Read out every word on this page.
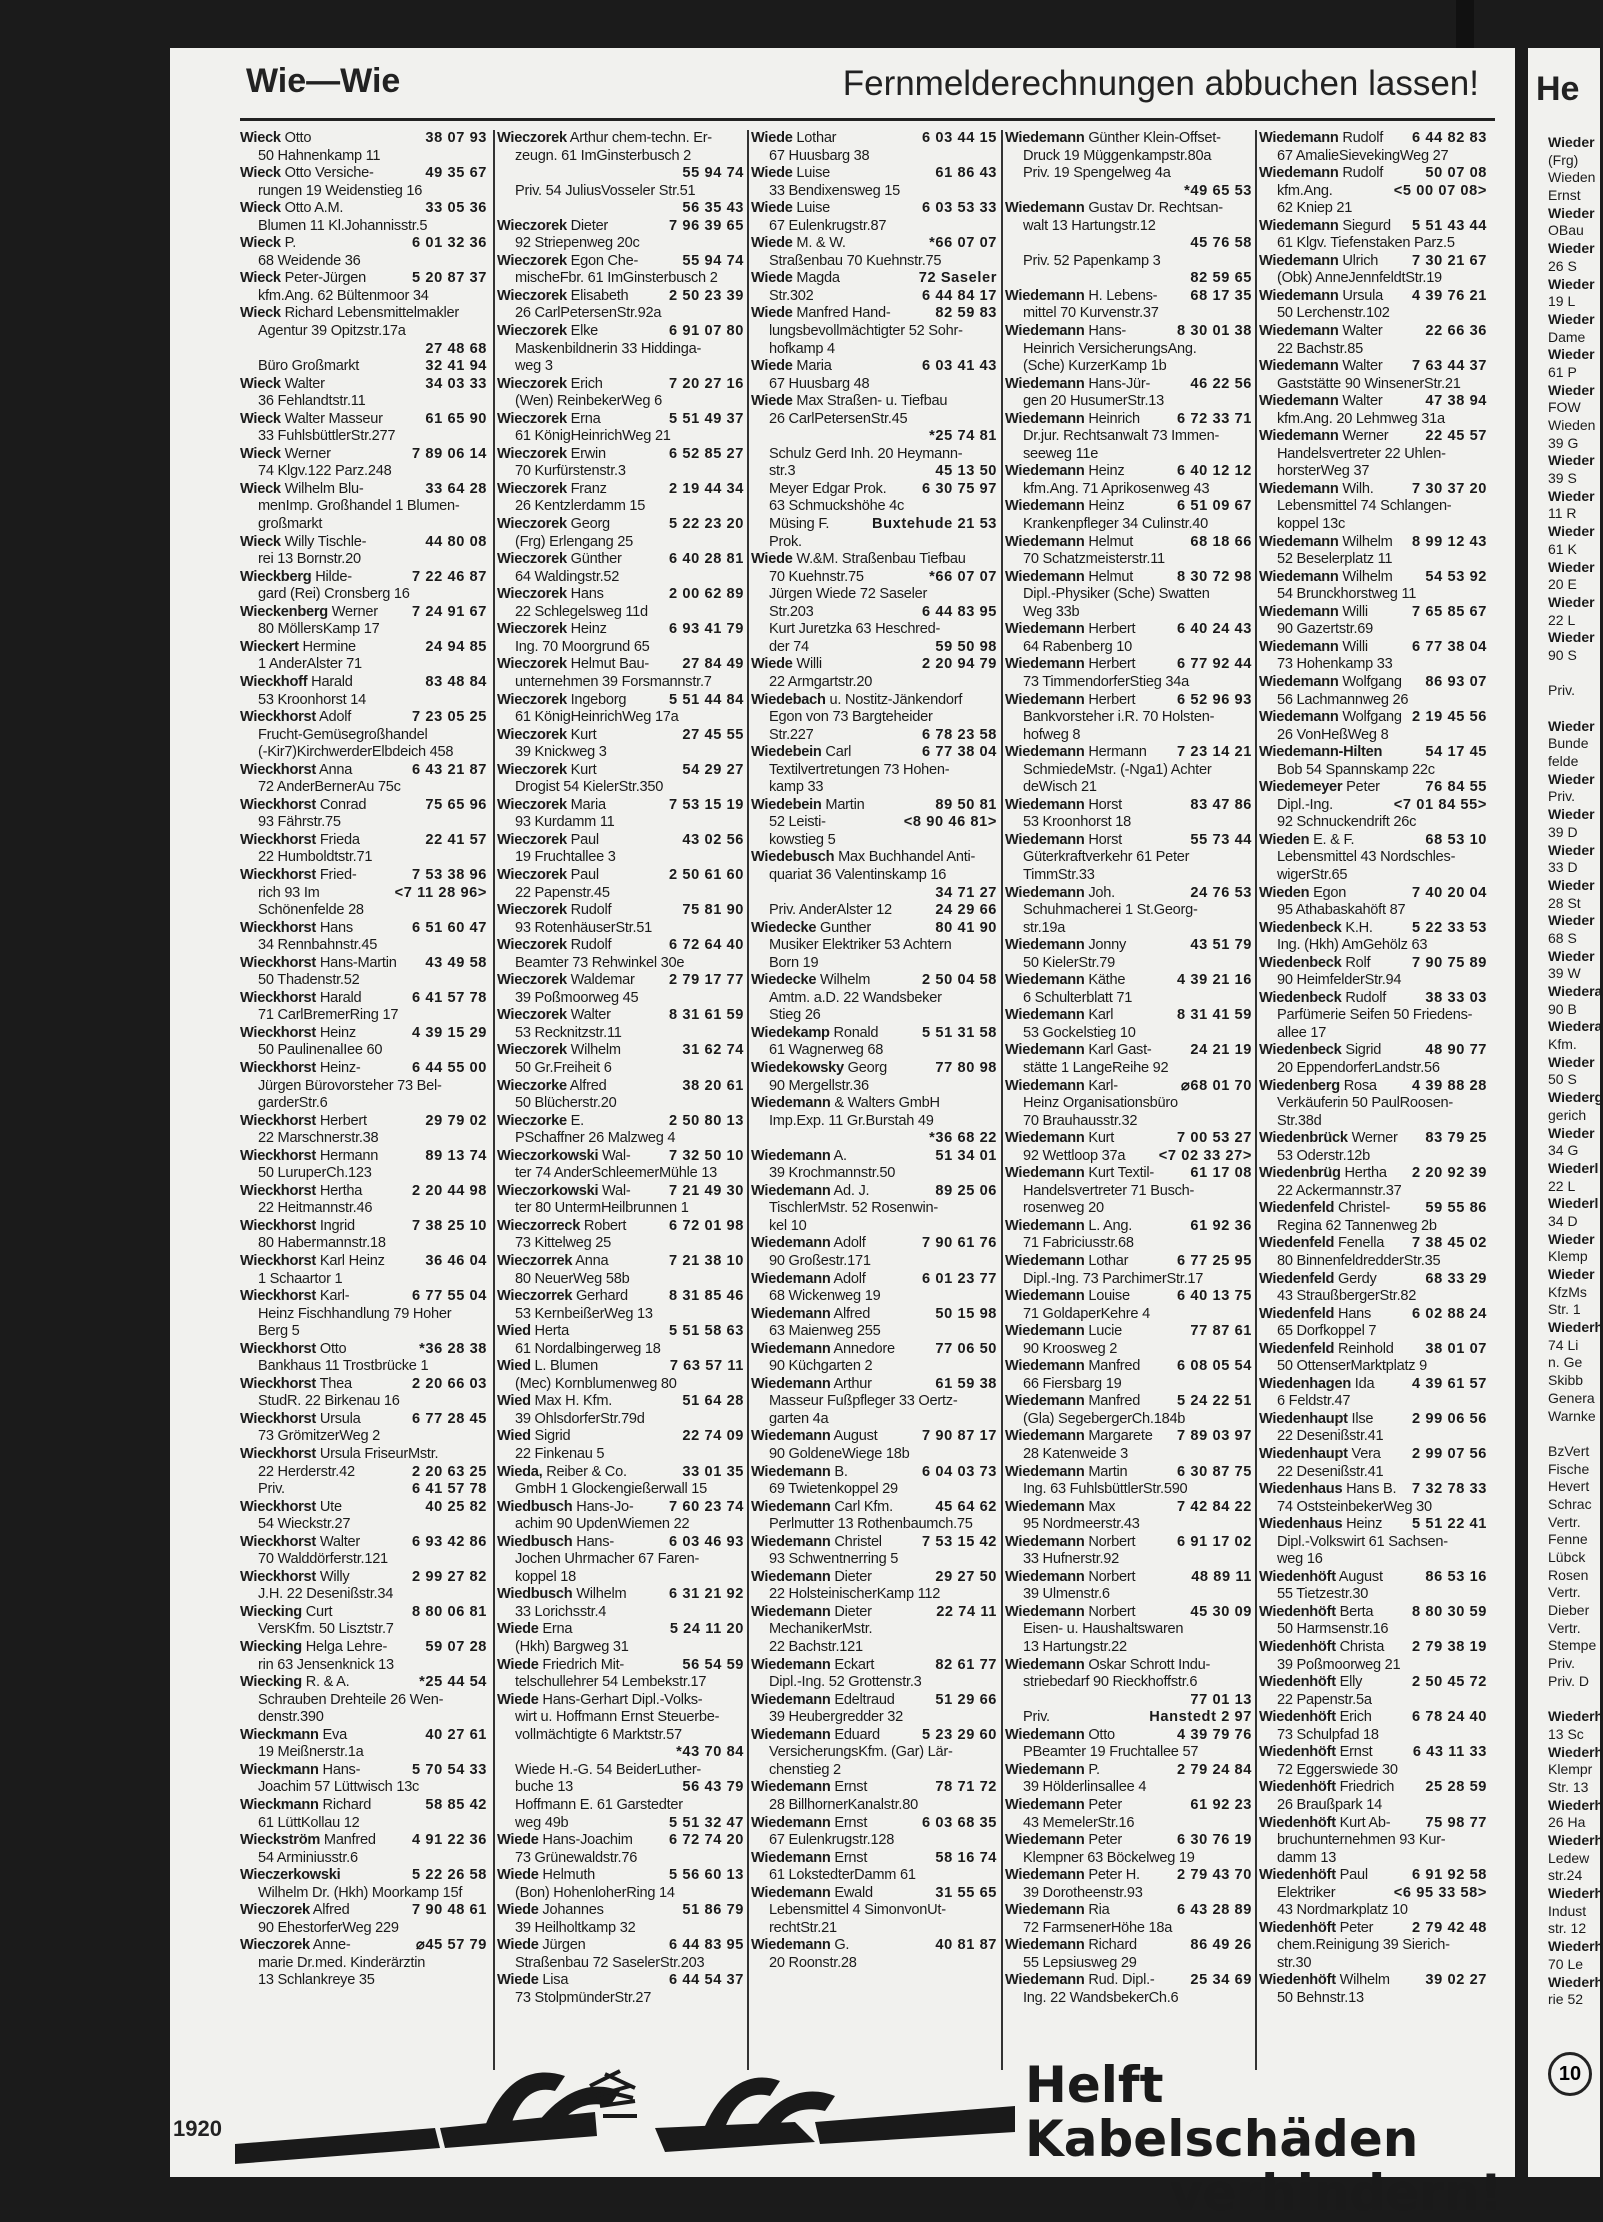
Wie—Wie	Fernmelderechnungen abbuchen lassen!
Wieck Otto	38 07 93
50 Hahnenkamp 11
Wieck Otto Versiche-	49 35 67
rungen 19 Weidenstieg 16
Wieck Otto A.M.	33 05 36
Blumen 11 Kl.Johannisstr.5
Wieck P.	6 01 32 36
68 Weidende 36
Wieck Peter-Jürgen	5 20 87 37
kfm.Ang. 62 Bültenmoor 34
Wieck Richard Lebensmittelmakler
Agentur 39 Opitzstr.17a
27 48 68
Büro Großmarkt	32 41 94
Wieck Walter	34 03 33
36 Fehlandtstr.11
Wieck Walter Masseur	61 65 90
33 FuhlsbüttlerStr.277
Wieck Werner	7 89 06 14
74 Klgv.122 Parz.248
Wieck Wilhelm Blu-	33 64 28
menImp. Großhandel 1 Blumen-
großmarkt
Wieck Willy Tischle-	44 80 08
rei 13 Bornstr.20
Wieckberg Hilde-	7 22 46 87
gard (Rei) Cronsberg 16
Wieckenberg Werner 7 24 91 67
80 MöllersKamp 17
Wieckert Hermine	24 94 85
1 AnderAlster 71
Wieckhoff Harald	83 48 84
53 Kroonhorst 14
Wieckhorst Adolf	7 23 05 25
Frucht-Gemüsegroßhandel
(-Kir7)KirchwerderElbdeich 458
Wieckhorst Anna	6 43 21 87
72 AnderBernerAu 75c
Wieckhorst Conrad	75 65 96
93 Fährstr.75
Wieckhorst Frieda	22 41 57
22 Humboldtstr.71
Wieckhorst Fried-	7 53 38 96
rich 93 Im	<7 11 28 96>
Schönenfelde 28
Wieckhorst Hans	6 51 60 47
34 Rennbahnstr.45
Wieckhorst Hans-Martin 43 49 58
50 Thadenstr.52
Wieckhorst Harald	6 41 57 78
71 CarlBremerRing 17
Wieckhorst Heinz	4 39 15 29
50 PaulinenalIee 60
Wieckhorst Heinz-	6 44 55 00
Jürgen Bürovorsteher 73 Bel-
garderStr.6
Wieckhorst Herbert	29 79 02
22 Marschnerstr.38
Wieckhorst Hermann	89 13 74
50 LuruperCh.123
Wieckhorst Hertha	2 20 44 98
22 Heitmannstr.46
Wieckhorst Ingrid	7 38 25 10
80 Habermannstr.18
Wieckhorst Karl Heinz	36 46 04
1 Schaartor 1
Wieckhorst Karl-	6 77 55 04
Heinz Fischhandlung 79 Hoher
Berg 5
Wieckhorst Otto	*36 28 38
Bankhaus 11 Trostbrücke 1
Wieckhorst Thea	2 20 66 03
StudR. 22 Birkenau 16
Wieckhorst Ursula	6 77 28 45
73 GrömitzerWeg 2
Wieckhorst Ursula FriseurMstr.
22 Herderstr.42	2 20 63 25
Priv.	6 41 57 78
Wieckhorst Ute	40 25 82
54 Wieckstr.27
Wieckhorst Walter	6 93 42 86
70 Walddörferstr.121
Wieckhorst Willy	2 99 27 82
J.H. 22 Desenißstr.34
Wiecking Curt	8 80 06 81
VersKfm. 50 Lisztstr.7
Wiecking Helga Lehre-	59 07 28
rin 63 Jensenknick 13
Wiecking R. & A.	*25 44 54
Schrauben Drehteile 26 Wen-
denstr.390
Wieckmann Eva	40 27 61
19 Meißnerstr.1a
Wieckmann Hans-	5 70 54 33
Joachim 57 Lüttwisch 13c
Wieckmann Richard	58 85 42
61 LüttKollau 12
Wieckström Manfred 4 91 22 36
54 Arminiusstr.6
Wieczerkowski	5 22 26 58
Wilhelm Dr. (Hkh) Moorkamp 15f
Wieczorek Alfred	7 90 48 61
90 EhestorferWeg 229
Wieczorek Anne-	⌀45 57 79
marie Dr.med. Kinderärztin
13 Schlankreye 35
Wieczorek Arthur chem-techn. Er-
zeugn. 61 ImGinsterbusch 2
55 94 74
Priv. 54 JuliusVosseler Str.51
56 35 43
Wieczorek Dieter	7 96 39 65
92 Striepenweg 20c
Wieczorek Egon Che-	55 94 74
mischeFbr. 61 ImGinsterbusch 2
Wieczorek Elisabeth	2 50 23 39
26 CarlPetersenStr.92a
Wieczorek Elke	6 91 07 80
Maskenbildnerin 33 Hiddinga-
weg 3
Wieczorek Erich	7 20 27 16
(Wen) ReinbekerWeg 6
Wieczorek Erna	5 51 49 37
61 KönigHeinrichWeg 21
Wieczorek Erwin	6 52 85 27
70 Kurfürstenstr.3
Wieczorek Franz	2 19 44 34
26 Kentzlerdamm 15
Wieczorek Georg	5 22 23 20
(Frg) Erlengang 25
Wieczorek Günther	6 40 28 81
64 Waldingstr.52
Wieczorek Hans	2 00 62 89
22 Schlegelsweg 11d
Wieczorek Heinz	6 93 41 79
Ing. 70 Moorgrund 65
Wieczorek Helmut Bau- 27 84 49
unternehmen 39 Forsmannstr.7
Wieczorek Ingeborg	5 51 44 84
61 KönigHeinrichWeg 17a
Wieczorek Kurt	27 45 55
39 Knickweg 3
Wieczorek Kurt	54 29 27
Drogist 54 KielerStr.350
Wieczorek Maria	7 53 15 19
93 Kurdamm 11
Wieczorek Paul	43 02 56
19 Fruchtallee 3
Wieczorek Paul	2 50 61 60
22 Papenstr.45
Wieczorek Rudolf	75 81 90
93 RotenhäuserStr.51
Wieczorek Rudolf	6 72 64 40
Beamter 73 Rehwinkel 30e
Wieczorek Waldemar 2 79 17 77
39 Poßmoorweg 45
Wieczorek Walter	8 31 61 59
53 Recknitzstr.11
Wieczorek Wilhelm	31 62 74
50 Gr.Freiheit 6
Wieczorke Alfred	38 20 61
50 Blücherstr.20
Wieczorke E.	2 50 80 13
PSchaffner 26 Malzweg 4
Wieczorkowski Wal-	7 32 50 10
ter 74 AnderSchleemerMühle 13
Wieczorkowski Wal-	7 21 49 30
ter 80 UntermHeilbrunnen 1
Wieczorreck Robert	6 72 01 98
73 Kittelweg 25
Wieczorrek Anna	7 21 38 10
80 NeuerWeg 58b
Wieczorrek Gerhard	8 31 85 46
53 KernbeißerWeg 13
Wied Herta	5 51 58 63
61 Nordalbingerweg 18
Wied L. Blumen	7 63 57 11
(Mec) Kornblumenweg 80
Wied Max H. Kfm.	51 64 28
39 OhlsdorferStr.79d
Wied Sigrid	22 74 09
22 Finkenau 5
Wieda, Reiber & Co.	33 01 35
GmbH 1 Glockengießerwall 15
Wiedbusch Hans-Jo- 7 60 23 74
achim 90 UpdenWiemen 22
Wiedbusch Hans-	6 03 46 93
Jochen Uhrmacher 67 Faren-
koppel 18
Wiedbusch Wilhelm	6 31 21 92
33 Lorichsstr.4
Wiede Erna	5 24 11 20
(Hkh) Bargweg 31
Wiede Friedrich Mit-	56 54 59
telschullehrer 54 Lembekstr.17
Wiede Hans-Gerhart Dipl.-Volks-
wirt u. Hoffmann Ernst Steuerbe-
vollmächtigte 6 Marktstr.57
*43 70 84
Wiede H.-G. 54 BeiderLuther-
buche 13	56 43 79
Hoffmann E. 61 Garstedter
weg 49b	5 51 32 47
Wiede Hans-Joachim 6 72 74 20
73 Grünewaldstr.76
Wiede Helmuth	5 56 60 13
(Bon) HohenloherRing 14
Wiede Johannes	51 86 79
39 Heilholtkamp 32
Wiede Jürgen	6 44 83 95
Straßenbau 72 SaselerStr.203
Wiede Lisa	6 44 54 37
73 StolpmünderStr.27
Wiede Lothar	6 03 44 15
67 Huusbarg 38
Wiede Luise	61 86 43
33 Bendixensweg 15
Wiede Luise	6 03 53 33
67 Eulenkrugstr.87
Wiede M. & W.	*66 07 07
Straßenbau 70 Kuehnstr.75
Wiede Magda	72 Saseler
Str.302	6 44 84 17
Wiede Manfred Hand-	82 59 83
lungsbevollmächtigter 52 Sohr-
hofkamp 4
Wiede Maria	6 03 41 43
67 Huusbarg 48
Wiede Max Straßen- u. Tiefbau
26 CarlPetersenStr.45
*25 74 81
Schulz Gerd Inh. 20 Heymann-
str.3	45 13 50
Meyer Edgar Prok. 6 30 75 97
63 Schmuckshöhe 4c
Müsing F.	Buxtehude 21 53
Prok.
Wiede W.&M. Straßenbau Tiefbau
70 Kuehnstr.75	*66 07 07
Jürgen Wiede 72 Saseler
Str.203	6 44 83 95
Kurt Juretzka 63 Heschred-
der 74	59 50 98
Wiede Willi	2 20 94 79
22 Armgartstr.20
Wiedebach u. Nostitz-Jänkendorf
Egon von 73 Bargteheider
Str.227	6 78 23 58
Wiedebein Carl	6 77 38 04
Textilvertretungen 73 Hohen-
kamp 33
Wiedebein Martin	89 50 81
52 Leisti-	<8 90 46 81>
kowstieg 5
Wiedebusch Max Buchhandel Anti-
quariat 36 Valentinskamp 16
34 71 27
Priv. AnderAlster 12	24 29 66
Wiedecke Gunther	80 41 90
Musiker Elektriker 53 Achtern
Born 19
Wiedecke Wilhelm	2 50 04 58
Amtm. a.D. 22 Wandsbeker
Stieg 26
Wiedekamp Ronald	5 51 31 58
61 Wagnerweg 68
Wiedekowsky Georg	77 80 98
90 Mergellstr.36
Wiedemann & Walters GmbH
Imp.Exp. 11 Gr.Burstah 49
*36 68 22
Wiedemann A.	51 34 01
39 Krochmannstr.50
Wiedemann Ad. J.	89 25 06
TischlerMstr. 52 Rosenwin-
kel 10
Wiedemann Adolf	7 90 61 76
90 Großestr.171
Wiedemann Adolf	6 01 23 77
68 Wickenweg 19
Wiedemann Alfred	50 15 98
63 Maienweg 255
Wiedemann Annedore	77 06 50
90 Küchgarten 2
Wiedemann Arthur	61 59 38
Masseur Fußpfleger 33 Oertz-
garten 4a
Wiedemann August	7 90 87 17
90 GoldeneWiege 18b
Wiedemann B.	6 04 03 73
69 Twietenkoppel 29
Wiedemann Carl Kfm.	45 64 62
Perlmutter 13 Rothenbaumch.75
Wiedemann Christel	7 53 15 42
93 Schwentnerring 5
Wiedemann Dieter	29 27 50
22 HolsteinischerKamp 112
Wiedemann Dieter	22 74 11
MechanikerMstr.
22 Bachstr.121
Wiedemann Eckart	82 61 77
Dipl.-Ing. 52 Grottenstr.3
Wiedemann Edeltraud	51 29 66
39 Heubergredder 32
Wiedemann Eduard	5 23 29 60
VersicherungsKfm. (Gar) Lär-
chenstieg 2
Wiedemann Ernst	78 71 72
28 BillhornerKanalstr.80
Wiedemann Ernst	6 03 68 35
67 Eulenkrugstr.128
Wiedemann Ernst	58 16 74
61 LokstedterDamm 61
Wiedemann Ewald	31 55 65
Lebensmittel 4 SimonvonUt-
rechtStr.21
Wiedemann G.	40 81 87
20 Roonstr.28
Wiedemann Günther Klein-Offset-
Druck 19 Müggenkampstr.80a
Priv. 19 Spengelweg 4a
*49 65 53
Wiedemann Gustav Dr. Rechtsan-
walt 13 Hartungstr.12
45 76 58
Priv. 52 Papenkamp 3
82 59 65
Wiedemann H. Lebens- 68 17 35
mittel 70 Kurvenstr.37
Wiedemann Hans-	8 30 01 38
Heinrich VersicherungsAng.
(Sche) KurzerKamp 1b
Wiedemann Hans-Jür-	46 22 56
gen 20 HusumerStr.13
Wiedemann Heinrich	6 72 33 71
Dr.jur. Rechtsanwalt 73 Immen-
seeweg 11e
Wiedemann Heinz	6 40 12 12
kfm.Ang. 71 Aprikosenweg 43
Wiedemann Heinz	6 51 09 67
Krankenpfleger 34 Culinstr.40
Wiedemann Helmut	68 18 66
70 Schatzmeisterstr.11
Wiedemann Helmut	8 30 72 98
Dipl.-Physiker (Sche) Swatten
Weg 33b
Wiedemann Herbert	6 40 24 43
64 Rabenberg 10
Wiedemann Herbert	6 77 92 44
73 TimmendorferStieg 34a
Wiedemann Herbert	6 52 96 93
Bankvorsteher i.R. 70 Holsten-
hofweg 8
Wiedemann Hermann 7 23 14 21
SchmiedeMstr. (-Nga1) Achter
deWisch 21
Wiedemann Horst	83 47 86
53 Kroonhorst 18
Wiedemann Horst	55 73 44
Güterkraftverkehr 61 Peter
TimmStr.33
Wiedemann Joh.	24 76 53
Schuhmacherei 1 St.Georg-
str.19a
Wiedemann Jonny	43 51 79
50 KielerStr.79
Wiedemann Käthe	4 39 21 16
6 Schulterblatt 71
Wiedemann Karl	8 31 41 59
53 Gockelstieg 10
Wiedemann Karl Gast-	24 21 19
stätte 1 LangeReihe 92
Wiedemann Karl-	⌀68 01 70
Heinz Organisationsbüro
70 Brauhausstr.32
Wiedemann Kurt	7 00 53 27
92 Wettloop 37a <7 02 33 27>
Wiedemann Kurt Textil- 61 17 08
Handelsvertreter 71 Busch-
rosenweg 20
Wiedemann L. Ang.	61 92 36
71 Fabriciusstr.68
Wiedemann Lothar	6 77 25 95
Dipl.-Ing. 73 ParchimerStr.17
Wiedemann Louise	6 40 13 75
71 GoldaperKehre 4
Wiedemann Lucie	77 87 61
90 Kroosweg 2
Wiedemann Manfred	6 08 05 54
66 Fiersbarg 19
Wiedemann Manfred	5 24 22 51
(Gla) SegebergerCh.184b
Wiedemann Margarete 7 89 03 97
28 Katenweide 3
Wiedemann Martin	6 30 87 75
Ing. 63 FuhlsbüttlerStr.590
Wiedemann Max	7 42 84 22
95 Nordmeerstr.43
Wiedemann Norbert	6 91 17 02
33 Hufnerstr.92
Wiedemann Norbert	48 89 11
39 Ulmenstr.6
Wiedemann Norbert	45 30 09
Eisen- u. Haushaltswaren
13 Hartungstr.22
Wiedemann Oskar Schrott Indu-
striebedarf 90 Rieckhoffstr.6
77 01 13
Priv.	Hanstedt 2 97
Wiedemann Otto	4 39 79 76
PBeamter 19 Fruchtallee 57
Wiedemann P.	2 79 24 84
39 Hölderlinsallee 4
Wiedemann Peter	61 92 23
43 MemelerStr.16
Wiedemann Peter	6 30 76 19
Klempner 63 Böckelweg 19
Wiedemann Peter H.	2 79 43 70
39 Dorotheenstr.93
Wiedemann Ria	6 43 28 89
72 FarmsenerHöhe 18a
Wiedemann Richard	86 49 26
55 Lepsiusweg 29
Wiedemann Rud. Dipl.- 25 34 69
Ing. 22 WandsbekerCh.6
Wiedemann Rudolf 6 44 82 83
67 AmalieSievekingWeg 27
Wiedemann Rudolf	50 07 08
kfm.Ang.	<5 00 07 08>
62 Kniep 21
Wiedemann Siegurd 5 51 43 44
61 Klgv. Tiefenstaken Parz.5
Wiedemann Ulrich 7 30 21 67
(Obk) AnneJennfeldtStr.19
Wiedemann Ursula 4 39 76 21
50 Lerchenstr.102
Wiedemann Walter	22 66 36
22 Bachstr.85
Wiedemann Walter 7 63 44 37
Gaststätte 90 WinsenerStr.21
Wiedemann Walter	47 38 94
kfm.Ang. 20 Lehmweg 31a
Wiedemann Werner	22 45 57
Handelsvertreter 22 Uhlen-
horsterWeg 37
Wiedemann Wilh.	7 30 37 20
Lebensmittel 74 Schlangen-
koppel 13c
Wiedemann Wilhelm 8 99 12 43
52 Beselerplatz 11
Wiedemann Wilhelm 54 53 92
54 Brunckhorstweg 11
Wiedemann Willi	7 65 85 67
90 Gazertstr.69
Wiedemann Willi	6 77 38 04
73 Hohenkamp 33
Wiedemann Wolfgang 86 93 07
56 Lachmannweg 26
Wiedemann Wolfgang 2 19 45 56
26 VonHeßWeg 8
Wiedemann-Hilten	54 17 45
Bob 54 Spannskamp 22c
Wiedemeyer Peter	76 84 55
Dipl.-Ing.	<7 01 84 55>
92 Schnuckendrift 26c
Wieden E. & F.	68 53 10
Lebensmittel 43 Nordschles-
wigerStr.65
Wieden Egon	7 40 20 04
95 Athabaskahöft 87
Wiedenbeck K.H.	5 22 33 53
Ing. (Hkh) AmGehölz 63
Wiedenbeck Rolf	7 90 75 89
90 HeimfelderStr.94
Wiedenbeck Rudolf	38 33 03
Parfümerie Seifen 50 Friedens-
allee 17
Wiedenbeck Sigrid	48 90 77
20 EppendorferLandstr.56
Wiedenberg Rosa 4 39 88 28
Verkäuferin 50 PaulRoosen-
Str.38d
Wiedenbrück Werner 83 79 25
53 Oderstr.12b
Wiedenbrüg Hertha 2 20 92 39
22 Ackermannstr.37
Wiedenfeld Christel- 59 55 86
Regina 62 Tannenweg 2b
Wiedenfeld Fenella 7 38 45 02
80 BinnenfeldredderStr.35
Wiedenfeld Gerdy	68 33 29
43 StraußbergerStr.82
Wiedenfeld Hans	6 02 88 24
65 Dorfkoppel 7
Wiedenfeld Reinhold 38 01 07
50 OttenserMarktplatz 9
Wiedenhagen Ida	4 39 61 57
6 Feldstr.47
Wiedenhaupt Ilse	2 99 06 56
22 Desenißstr.41
Wiedenhaupt Vera 2 99 07 56
22 Desenißstr.41
Wiedenhaus Hans B. 7 32 78 33
74 OststeinbekerWeg 30
Wiedenhaus Heinz 5 51 22 41
Dipl.-Volkswirt 61 Sachsen-
weg 16
Wiedenhöft August	86 53 16
55 Tietzestr.30
Wiedenhöft Berta	8 80 30 59
50 Harmsenstr.16
Wiedenhöft Christa 2 79 38 19
39 Poßmoorweg 21
Wiedenhöft Elly	2 50 45 72
22 Papenstr.5a
Wiedenhöft Erich	6 78 24 40
73 Schulpfad 18
Wiedenhöft Ernst	6 43 11 33
72 Eggerswiede 30
Wiedenhöft Friedrich 25 28 59
26 Braußpark 14
Wiedenhöft Kurt Ab- 75 98 77
bruchunternehmen 93 Kur-
damm 13
Wiedenhöft Paul	6 91 92 58
Elektriker	<6 95 33 58>
43 Nordmarkplatz 10
Wiedenhöft Peter	2 79 42 48
chem.Reinigung 39 Sierich-
str.30
Wiedenhöft Wilhelm 39 02 27
50 Behnstr.13
1920
Helft Kabelschäden
verhindern!
He
Wieder
(Frg)
Wieden
Ernst
Wieder
OBau
Wieder
26 S
Wieder
19 L
Wieder
Dame
Wieder
61 P
Wieder
FOW
Wieden
39 G
Wieder
39 S
Wieder
11 R
Wieder
61 K
Wieder
20 E
Wieder
22 L
Wieder
90 S
Priv.
Wieder
Bunde
felde
Wieder
Priv.
Wieder
39 D
Wieder
33 D
Wieder
28 St
Wieder
68 S
Wieder
39 W
Wiedera
90 B
Wiedera
Kfm.
Wieder
50 S
Wiederg
gerich
Wieder
34 G
Wiederl
22 L
Wiederl
34 D
Wieder
Klemp
Wieder
KfzMs
Str. 1
Wiederh
74 Li
n. Ge
Skibb
Genera
Warnke
BzVert
Fische
Hevert
Schrac
Vertr.
Fenne
Lübck
Rosen
Vertr.
Dieber
Vertr.
Stempe
Priv.
Priv. D
Wiederh
13 Sc
Wiederh
Klempr
Str. 13
Wiederh
26 Ha
Wiederh
Ledew
str.24
Wiederh
Indust
str. 12
Wiederh
70 Le
Wiederh
rie 52
10
